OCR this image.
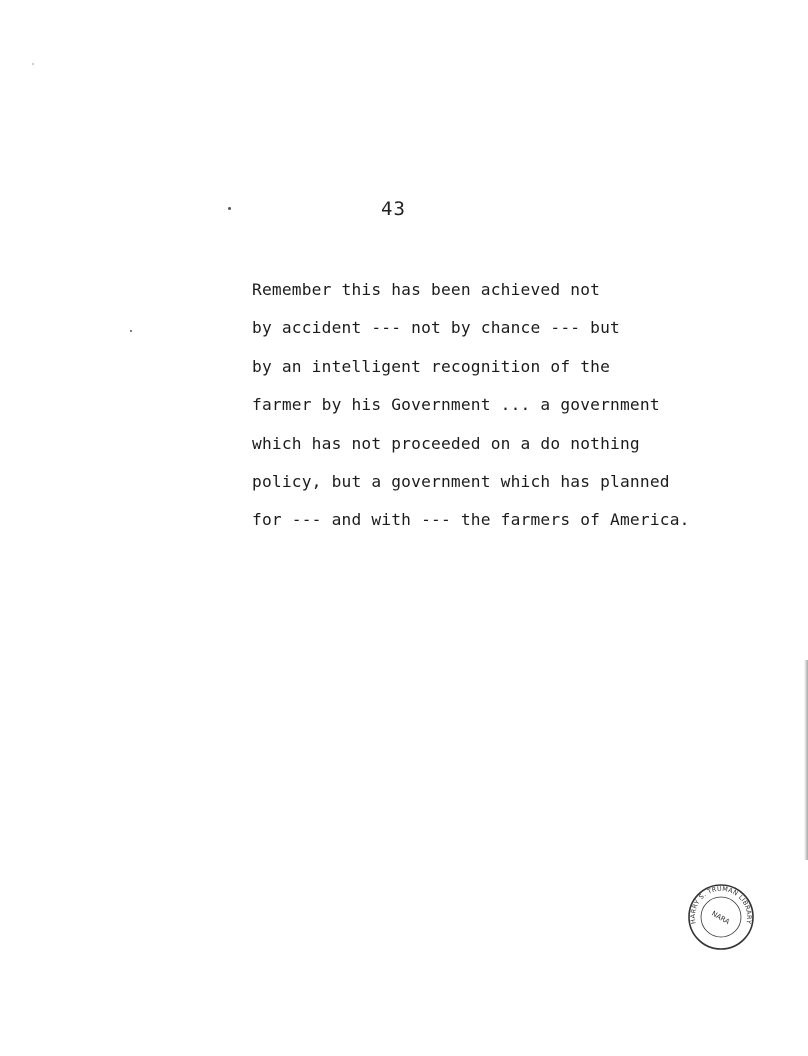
43
Remember this has been achieved not
by accident --- not by chance --- but
by an intelligent recognition of the
farmer by his Government ... a government
which has not proceeded on a do nothing
policy, but a government which has planned
for --- and with --- the farmers of America.
HARRY S. TRUMAN LIBRARY
NARA
